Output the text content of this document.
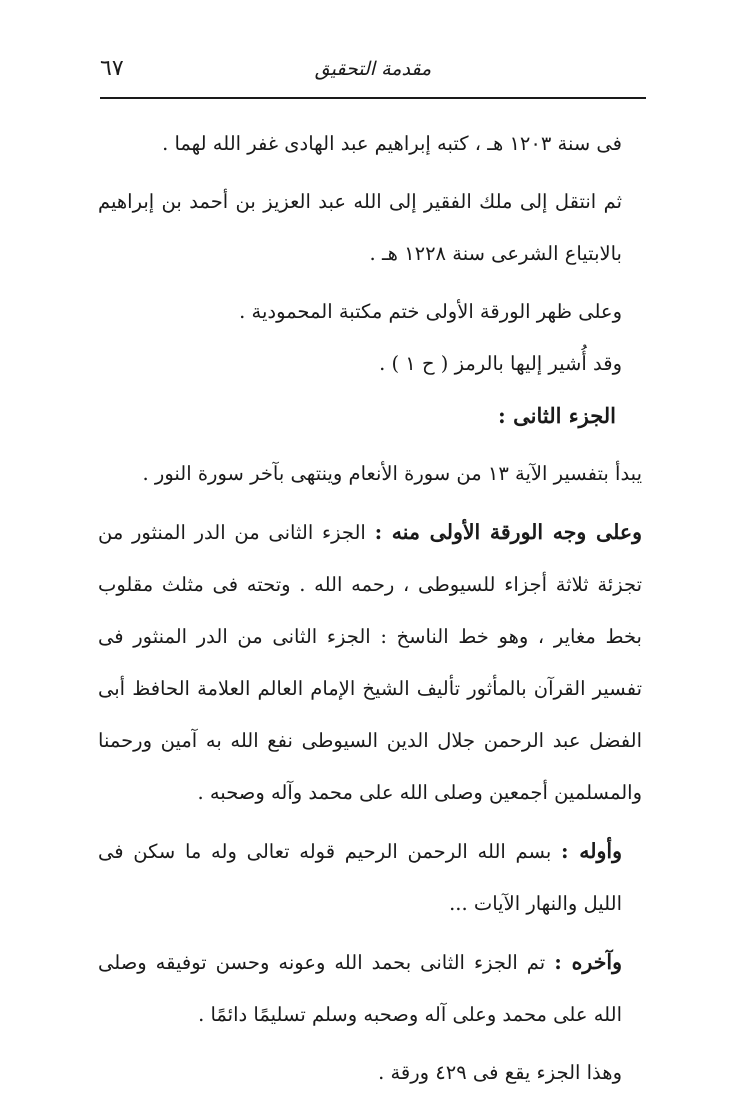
٦٧	مقدمة التحقيق

فى سنة ١٢٠٣ هـ ، كتبه إبراهيم عبد الهادى غفر الله لهما .

ثم انتقل إلى ملك الفقير إلى الله عبد العزيز بن أحمد بن إبراهيم بالابتياع الشرعى سنة ١٢٢٨ هـ .

وعلى ظهر الورقة الأولى ختم مكتبة المحمودية .

وقد أُشير إليها بالرمز ( ح ١ ) .

الجزء الثانى :

يبدأ بتفسير الآية ١٣ من سورة الأنعام وينتهى بآخر سورة النور .

وعلى وجه الورقة الأولى منه : الجزء الثانى من الدر المنثور من تجزئة ثلاثة أجزاء للسيوطى ، رحمه الله . وتحته فى مثلث مقلوب بخط مغاير ، وهو خط الناسخ : الجزء الثانى من الدر المنثور فى تفسير القرآن بالمأثور تأليف الشيخ الإمام العالم العلامة الحافظ أبى الفضل عبد الرحمن جلال الدين السيوطى نفع الله به آمين ورحمنا والمسلمين أجمعين وصلى الله على محمد وآله وصحبه .

وأوله : بسم الله الرحمن الرحيم قوله تعالى وله ما سكن فى الليل والنهار الآيات ...

وآخره : تم الجزء الثانى بحمد الله وعونه وحسن توفيقه وصلى الله على محمد وعلى آله وصحبه وسلم تسليمًا دائمًا .

وهذا الجزء يقع فى ٤٢٩ ورقة .
